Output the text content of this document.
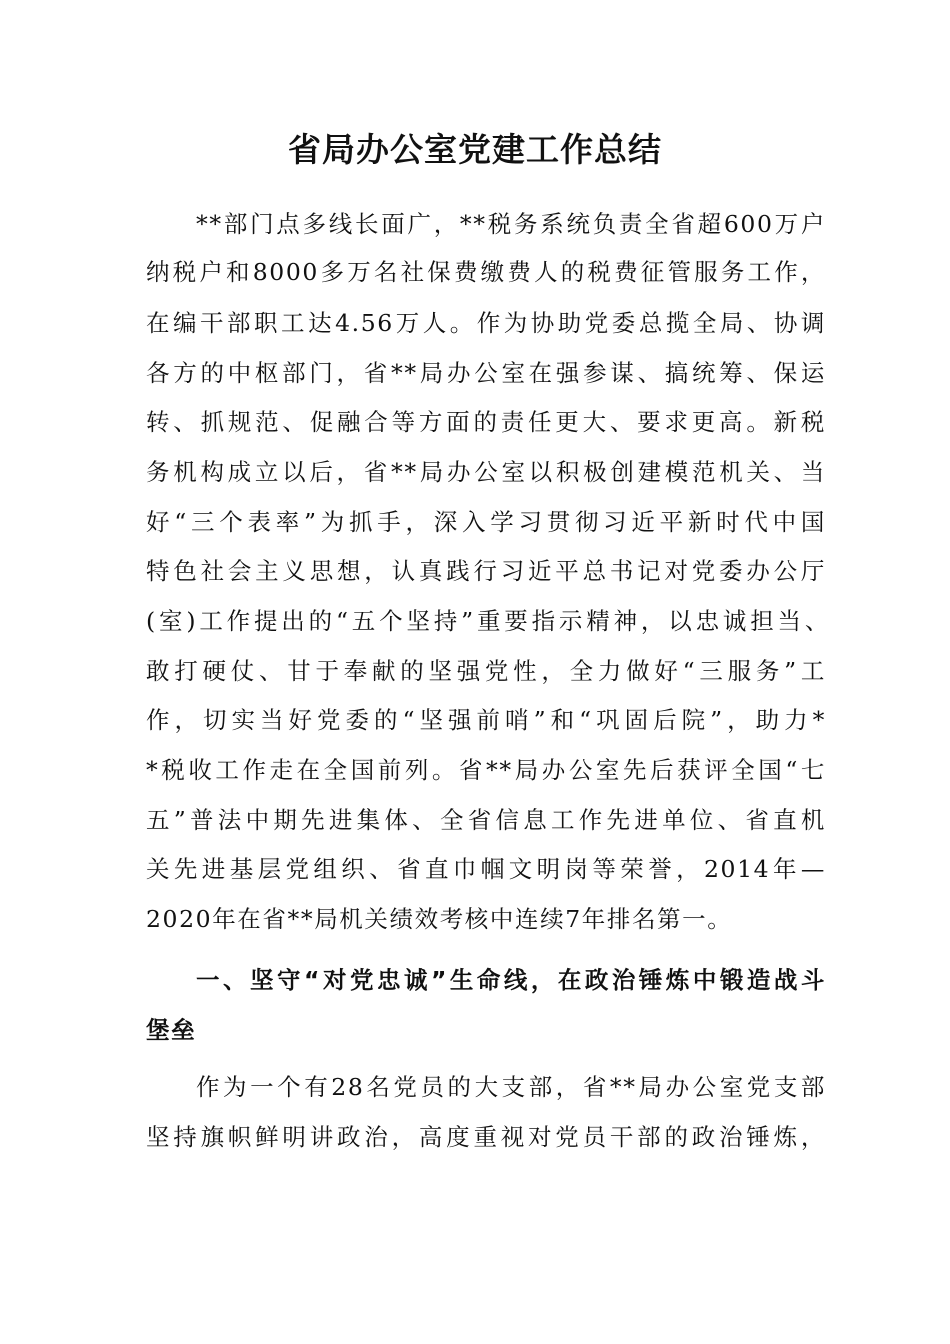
省局办公室党建工作总结

**部门点多线长面广，**税务系统负责全省超600万户

纳税户和8000多万名社保费缴费人的税费征管服务工作，

在编干部职工达4.56万人。作为协助党委总揽全局、协调

各方的中枢部门，省**局办公室在强参谋、搞统筹、保运

转、抓规范、促融合等方面的责任更大、要求更高。新税

务机构成立以后，省**局办公室以积极创建模范机关、当

好“三个表率”为抓手，深入学习贯彻习近平新时代中国

特色社会主义思想，认真践行习近平总书记对党委办公厅

(室)工作提出的“五个坚持”重要指示精神，以忠诚担当、

敢打硬仗、甘于奉献的坚强党性，全力做好“三服务”工

作，切实当好党委的“坚强前哨”和“巩固后院”，助力*

*税收工作走在全国前列。省**局办公室先后获评全国“七

五”普法中期先进集体、全省信息工作先进单位、省直机

关先进基层党组织、省直巾帼文明岗等荣誉，2014年—

2020年在省**局机关绩效考核中连续7年排名第一。

一、坚守“对党忠诚”生命线，在政治锤炼中锻造战斗

堡垒

作为一个有28名党员的大支部，省**局办公室党支部

坚持旗帜鲜明讲政治，高度重视对党员干部的政治锤炼，
